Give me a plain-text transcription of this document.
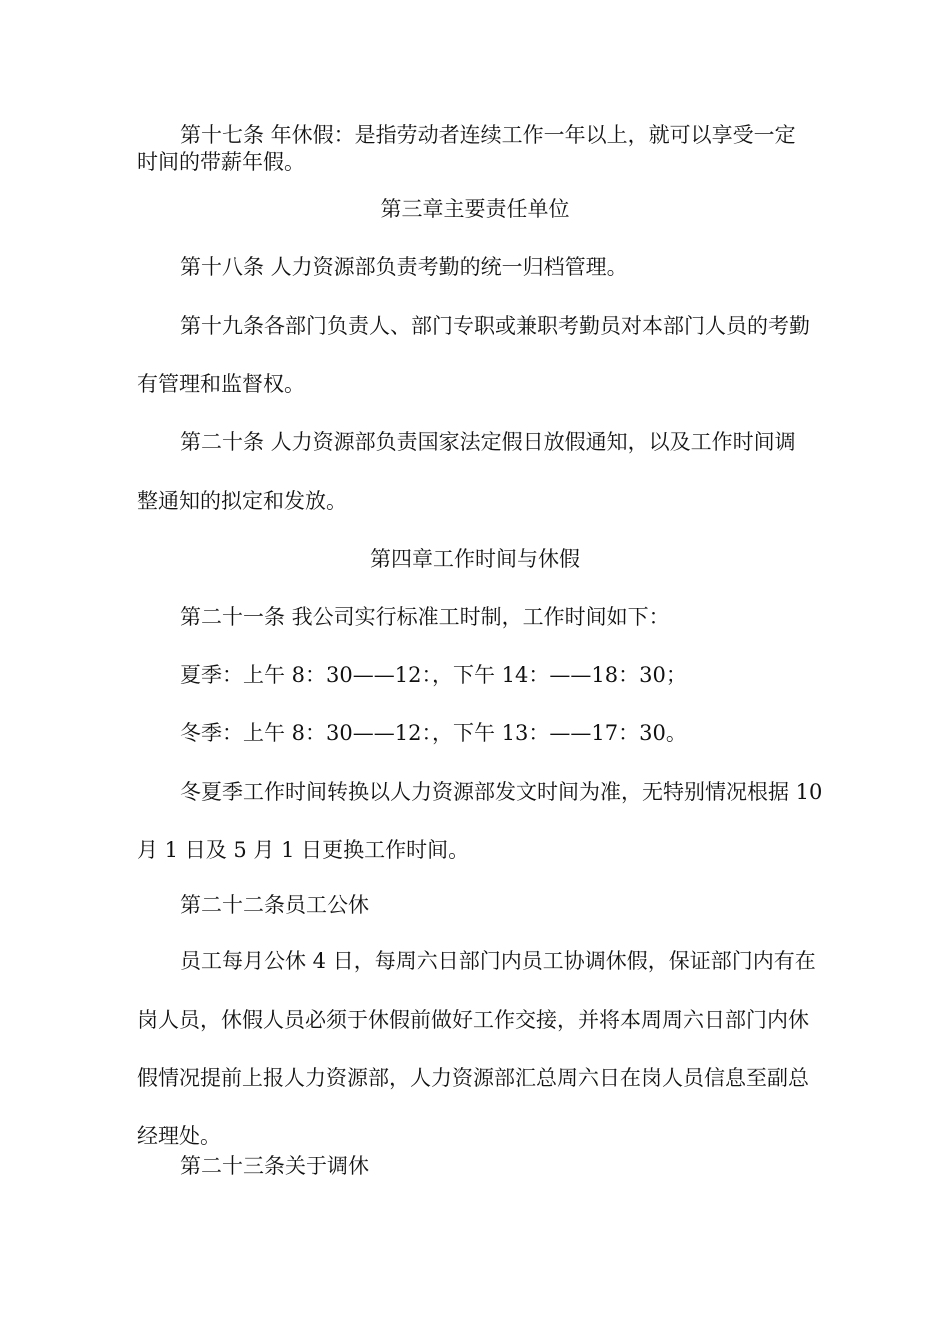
第十七条 年休假：是指劳动者连续工作一年以上，就可以享受一定

时间的带薪年假。

第三章主要责任单位

第十八条 人力资源部负责考勤的统一归档管理。

第十九条各部门负责人、部门专职或兼职考勤员对本部门人员的考勤

有管理和监督权。

第二十条 人力资源部负责国家法定假日放假通知，以及工作时间调

整通知的拟定和发放。

第四章工作时间与休假

第二十一条 我公司实行标准工时制，工作时间如下：

夏季：上午 8：30——12：，下午 14：——18：30；

冬季：上午 8：30——12：，下午 13：——17：30。

冬夏季工作时间转换以人力资源部发文时间为准，无特别情况根据 10

月 1 日及 5 月 1 日更换工作时间。

第二十二条员工公休

员工每月公休 4 日，每周六日部门内员工协调休假，保证部门内有在

岗人员，休假人员必须于休假前做好工作交接，并将本周周六日部门内休

假情况提前上报人力资源部，人力资源部汇总周六日在岗人员信息至副总

经理处。

第二十三条关于调休
